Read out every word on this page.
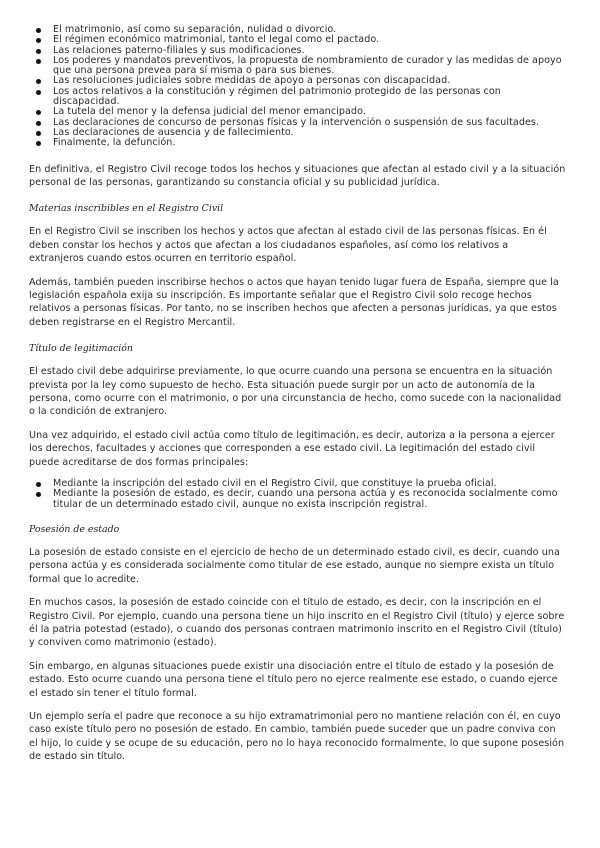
El matrimonio, así como su separación, nulidad o divorcio.
El régimen económico matrimonial, tanto el legal como el pactado.
Las relaciones paterno-filiales y sus modificaciones.
Los poderes y mandatos preventivos, la propuesta de nombramiento de curador y las medidas de apoyo que una persona prevea para sí misma o para sus bienes.
Las resoluciones judiciales sobre medidas de apoyo a personas con discapacidad.
Los actos relativos a la constitución y régimen del patrimonio protegido de las personas con discapacidad.
La tutela del menor y la defensa judicial del menor emancipado.
Las declaraciones de concurso de personas físicas y la intervención o suspensión de sus facultades.
Las declaraciones de ausencia y de fallecimiento.
Finalmente, la defunción.

En definitiva, el Registro Civil recoge todos los hechos y situaciones que afectan al estado civil y a la situación personal de las personas, garantizando su constancia oficial y su publicidad jurídica.

Materias inscribibles en el Registro Civil

En el Registro Civil se inscriben los hechos y actos que afectan al estado civil de las personas físicas. En él deben constar los hechos y actos que afectan a los ciudadanos españoles, así como los relativos a extranjeros cuando estos ocurren en territorio español.

Además, también pueden inscribirse hechos o actos que hayan tenido lugar fuera de España, siempre que la legislación española exija su inscripción. Es importante señalar que el Registro Civil solo recoge hechos relativos a personas físicas. Por tanto, no se inscriben hechos que afecten a personas jurídicas, ya que estos deben registrarse en el Registro Mercantil.

Título de legitimación

El estado civil debe adquirirse previamente, lo que ocurre cuando una persona se encuentra en la situación prevista por la ley como supuesto de hecho. Esta situación puede surgir por un acto de autonomía de la persona, como ocurre con el matrimonio, o por una circunstancia de hecho, como sucede con la nacionalidad o la condición de extranjero.

Una vez adquirido, el estado civil actúa como título de legitimación, es decir, autoriza a la persona a ejercer los derechos, facultades y acciones que corresponden a ese estado civil. La legitimación del estado civil puede acreditarse de dos formas principales:

Mediante la inscripción del estado civil en el Registro Civil, que constituye la prueba oficial.
Mediante la posesión de estado, es decir, cuando una persona actúa y es reconocida socialmente como titular de un determinado estado civil, aunque no exista inscripción registral.
Posesión de estado

La posesión de estado consiste en el ejercicio de hecho de un determinado estado civil, es decir, cuando una persona actúa y es considerada socialmente como titular de ese estado, aunque no siempre exista un título formal que lo acredite.

En muchos casos, la posesión de estado coincide con el título de estado, es decir, con la inscripción en el Registro Civil. Por ejemplo, cuando una persona tiene un hijo inscrito en el Registro Civil (título) y ejerce sobre él la patria potestad (estado), o cuando dos personas contraen matrimonio inscrito en el Registro Civil (título) y conviven como matrimonio (estado).

Sin embargo, en algunas situaciones puede existir una disociación entre el título de estado y la posesión de estado. Esto ocurre cuando una persona tiene el título pero no ejerce realmente ese estado, o cuando ejerce el estado sin tener el título formal.

Un ejemplo sería el padre que reconoce a su hijo extramatrimonial pero no mantiene relación con él, en cuyo caso existe título pero no posesión de estado. En cambio, también puede suceder que un padre conviva con el hijo, lo cuide y se ocupe de su educación, pero no lo haya reconocido formalmente, lo que supone posesión de estado sin título.
